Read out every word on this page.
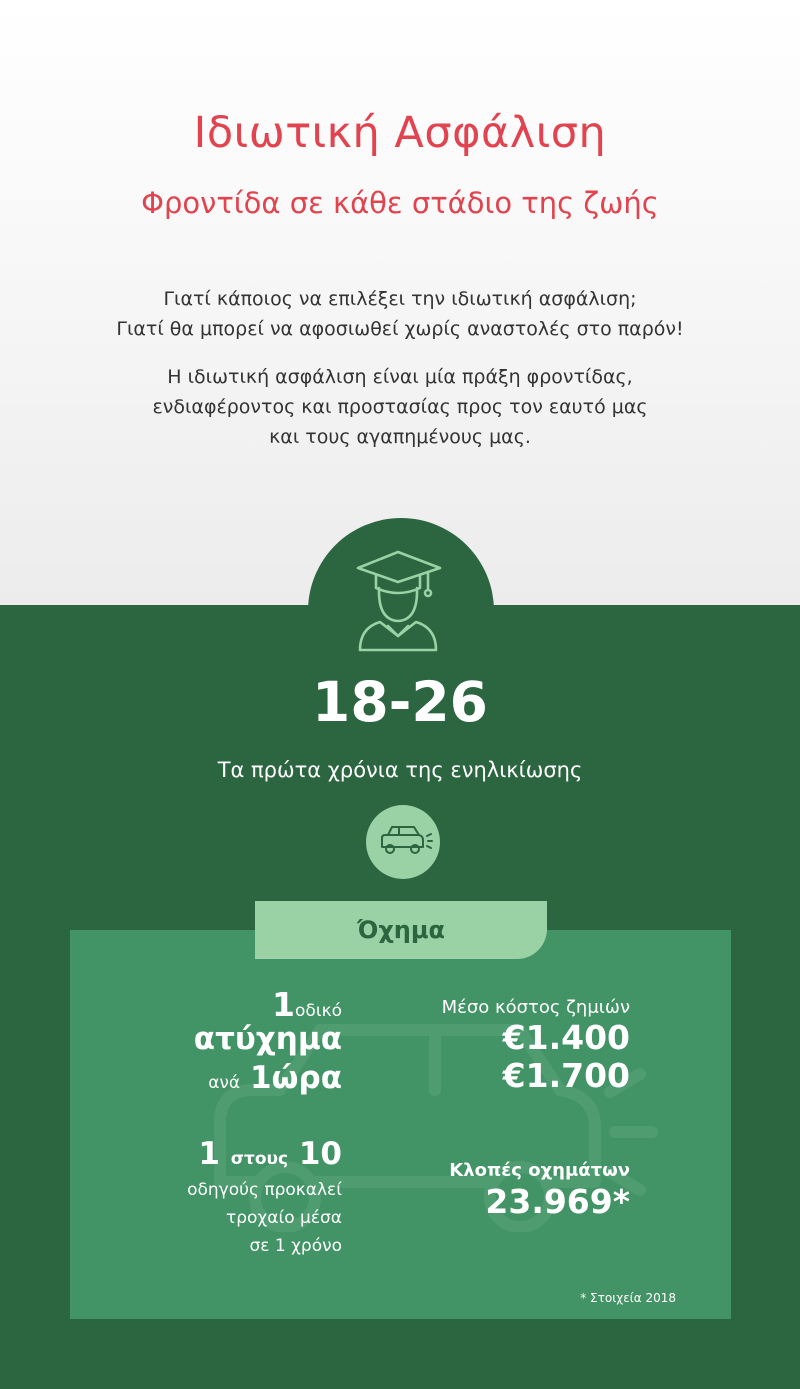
Ιδιωτική Ασφάλιση
Φροντίδα σε κάθε στάδιο της ζωής
Γιατί κάποιος να επιλέξει την ιδιωτική ασφάλιση;
Γιατί θα μπορεί να αφοσιωθεί χωρίς αναστολές στο παρόν!
Η ιδιωτική ασφάλιση είναι μία πράξη φροντίδας,
ενδιαφέροντος και προστασίας προς τον εαυτό μας
και τους αγαπημένους μας.
18-26
Τα πρώτα χρόνια της ενηλικίωσης
Όχημα
1οδικό
ατύχημα
ανά 1ώρα
1 στους 10
οδηγούς προκαλεί
τροχαίο μέσα
σε 1 χρόνο
Μέσο κόστος ζημιών
€1.400
€1.700
Κλοπές οχημάτων
23.969*
* Στοιχεία 2018
